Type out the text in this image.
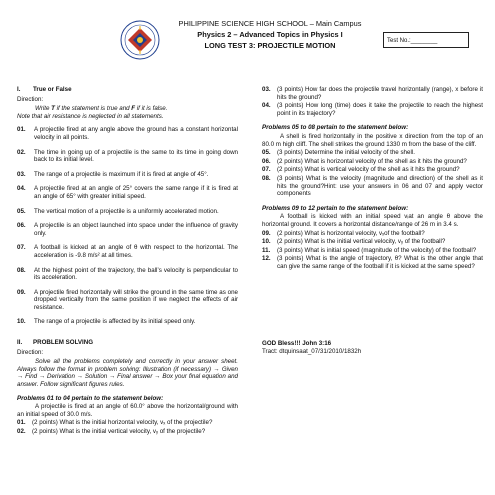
PHILIPPINE SCIENCE HIGH SCHOOL – Main Campus
Physics 2 – Advanced Topics in Physics I
LONG TEST 3: PROJECTILE MOTION	Test No.:________
I. True or False
Direction:
Write T if the statement is true and F if it is false.

Note that air resistance is neglected in all statements.

01.	A projectile fired at any angle above the ground has a constant horizontal velocity in all points.
02.	The time in going up of a projectile is the same to its time in going down back to its initial level.
03.	The range of a projectile is maximum if it is fired at angle of 45°.
04.	A projectile fired at an angle of 25° covers the same range if it is fired at an angle of 65° with greater initial speed.
05.	The vertical motion of a projectile is a uniformly accelerated motion.
06.	A projectile is an object launched into space under the influence of gravity only.
07.	A football is kicked at an angle of θ with respect to the horizontal. The acceleration is -9.8 m/s² at all times.
08.	At the highest point of the trajectory, the ball’s velocity is perpendicular to its acceleration.
09.	A projectile fired horizontally will strike the ground in the same time as one dropped vertically from the same position if we neglect the effects of air resistance.
10.	The range of a projectile is affected by its initial speed only.
II. PROBLEM SOLVING
Direction:

Solve all the problems completely and correctly in your answer sheet. Always follow the format in problem solving: Illustration (if necessary) → Given → Find → Derivation → Solution → Final answer → Box your final equation and answer. Follow significant figures rules.

Problems 01 to 04 pertain to the statement below:
A projectile is fired at an angle of 60.0° above the horizontal/ground with an initial speed of 30.0 m/s.
01.	(2 points) What is the initial horizontal velocity, vₓ of the projectile?
02.	(2 points) What is the initial vertical velocity, vᵧ of the projectile?
03.	(3 points) How far does the projectile travel horizontally (range), x before it hits the ground?
04.	(3 points) How long (time) does it take the projectile to reach the highest point in its trajectory?
Problems 05 to 08 pertain to the statement below:
A shell is fired horizontally in the positive x direction from the top of an 80.0 m high cliff. The shell strikes the ground 1330 m from the base of the cliff.
05.	(3 points) Determine the initial velocity of the shell.
06.	(2 points) What is horizontal velocity of the shell as it hits the ground?
07.	(2 points) What is vertical velocity of the shell as it hits the ground?
08.	(3 points) What is the velocity (magnitude and direction) of the shell as it hits the ground?Hint: use your answers in 06 and 07 and apply vector components
Problems 09 to 12 pertain to the statement below:
A football is kicked with an initial speed vᵢat an angle θ above the horizontal ground. It covers a horizontal distance/range of 26 m in 3.4 s.
09.	(2 points) What is horizontal velocity, vₓof the football?
10.	(2 points) What is the initial vertical velocity, vᵧ of the football?
11.	(3 points) What is initial speed (magnitude of the velocity) of the football?
12.	(3 points) What is the angle of trajectory, θ? What is the other angle that can give the same range of the football if it is kicked at the same speed?
GOD Bless!!! John 3:16
Tract: dtquinsaat_07/31/2010/1832h
